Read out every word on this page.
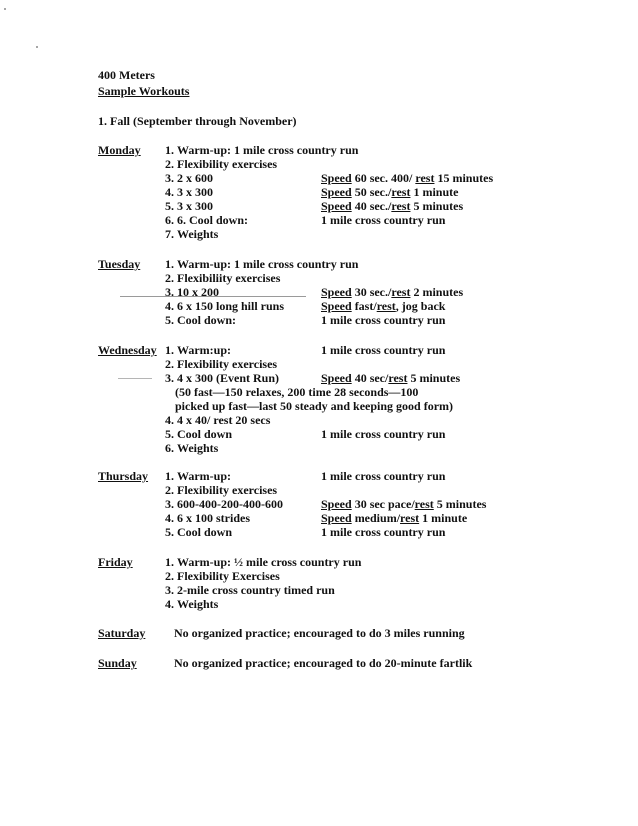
400 Meters
Sample Workouts
1. Fall (September through November)
Monday	1. Warm-up: 1 mile cross country run
2. Flexibility exercises
3. 2 x 600	Speed 60 sec. 400/ rest 15 minutes
4. 3 x 300	Speed 50 sec./rest 1 minute
5. 3 x 300	Speed 40 sec./rest 5 minutes
6. 6. Cool down:	1 mile cross country run
7. Weights
Tuesday	1. Warm-up: 1 mile cross country run
2. Flexibiliity exercises
3. 10 x 200	Speed 30 sec./rest 2 minutes
4. 6 x 150 long hill runs	Speed fast/rest, jog back
5. Cool down:	1 mile cross country run
Wednesday 1. Warm:up:	1 mile cross country run
2. Flexibility exercises
3. 4 x 300 (Event Run)	Speed 40 sec/rest 5 minutes
(50 fast—150 relaxes, 200 time 28 seconds—100
picked up fast—last 50 steady and keeping good form)
4. 4 x 40/ rest 20 secs
5. Cool down	1 mile cross country run
6. Weights
Thursday	1. Warm-up:	1 mile cross country run
2. Flexibility exercises
3. 600-400-200-400-600	Speed 30 sec pace/rest 5 minutes
4. 6 x 100 strides	Speed medium/rest 1 minute
5. Cool down	1 mile cross country run
Friday	1. Warm-up: ½ mile cross country run
2. Flexibility Exercises
3. 2-mile cross country timed run
4. Weights
Saturday No organized practice; encouraged to do 3 miles running
Sunday	No organized practice; encouraged to do 20-minute fartlik
